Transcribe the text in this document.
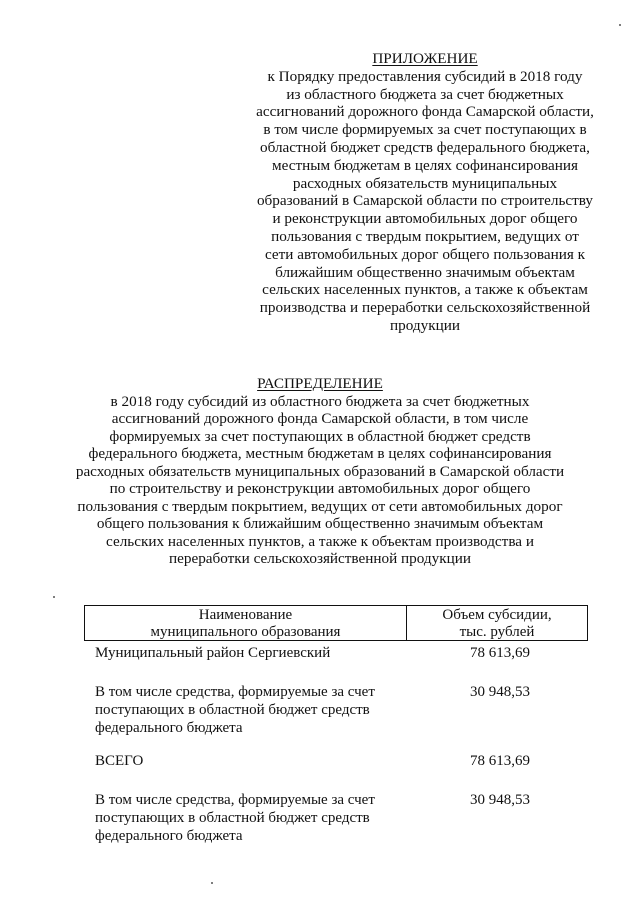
ПРИЛОЖЕНИЕ
к Порядку предоставления субсидий в 2018 году
из областного бюджета за счет бюджетных
ассигнований дорожного фонда Самарской области,
в том числе формируемых за счет поступающих в
областной бюджет средств федерального бюджета,
местным бюджетам в целях софинансирования
расходных обязательств муниципальных
образований в Самарской области по строительству
и реконструкции автомобильных дорог общего
пользования с твердым покрытием, ведущих от
сети автомобильных дорог общего пользования к
ближайшим общественно значимым объектам
сельских населенных пунктов, а также к объектам
производства и переработки сельскохозяйственной
продукции
РАСПРЕДЕЛЕНИЕ
в 2018 году субсидий из областного бюджета за счет бюджетных
ассигнований дорожного фонда Самарской области, в том числе
формируемых за счет поступающих в областной бюджет средств
федерального бюджета, местным бюджетам в целях софинансирования
расходных обязательств муниципальных образований в Самарской области
по строительству и реконструкции автомобильных дорог общего
пользования с твердым покрытием, ведущих от сети автомобильных дорог
общего пользования к ближайшим общественно значимым объектам
сельских населенных пунктов, а также к объектам производства и
переработки сельскохозяйственной продукции
Наименование
муниципального образования
Объем субсидии,
тыс. рублей
Муниципальный район Сергиевский	78 613,69
В том числе средства, формируемые за счет
поступающих в областной бюджет средств
федерального бюджета
30 948,53
ВСЕГО	78 613,69
В том числе средства, формируемые за счет
поступающих в областной бюджет средств
федерального бюджета
30 948,53
